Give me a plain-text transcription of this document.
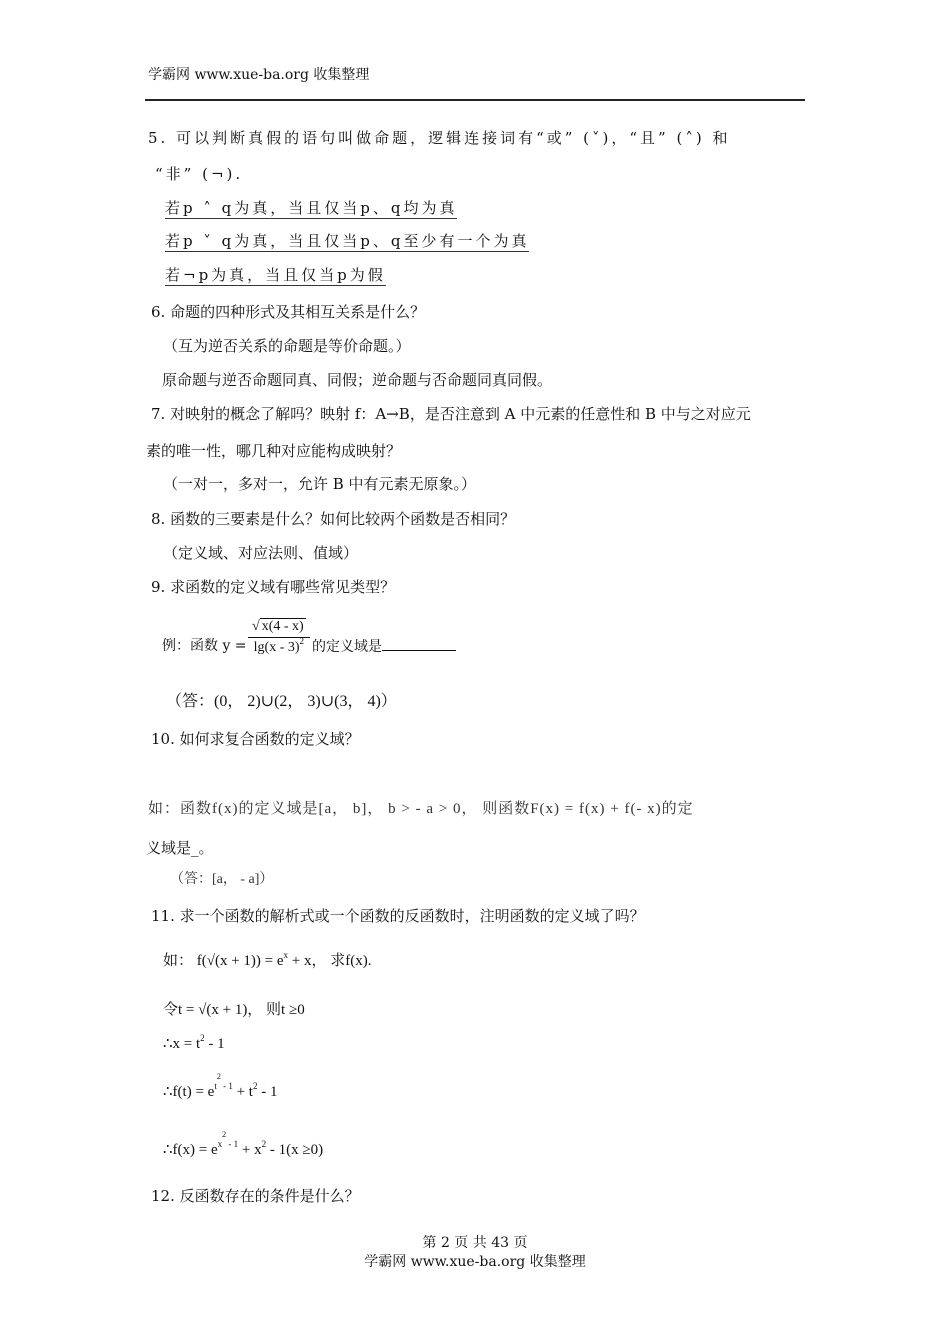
学霸网 www.xue-ba.org 收集整理
5. 可以判断真假的语句叫做命题，逻辑连接词有“或” (˅)，“且” (˄) 和
“非” (¬).
若p ˄ q为真，当且仅当p、q均为真
若p ˅ q为真，当且仅当p、q至少有一个为真
若¬p为真，当且仅当p为假
6. 命题的四种形式及其相互关系是什么？
（互为逆否关系的命题是等价命题。）
原命题与逆否命题同真、同假；逆命题与否命题同真同假。
7. 对映射的概念了解吗？映射 f：A→B，是否注意到 A 中元素的任意性和 B 中与之对应元
素的唯一性，哪几种对应能构成映射？
（一对一，多对一，允许 B 中有元素无原象。）
8. 函数的三要素是什么？如何比较两个函数是否相同？
（定义域、对应法则、值域）
9. 求函数的定义域有哪些常见类型？
例：函数 y =
√ x(4 - x)
lg(x - 3)$^2$ 的定义域是
（答：(0， 2)∪(2， 3)∪(3， 4)）
10. 如何求复合函数的定义域？
如：函数f(x)的定义域是[a， b]， b > - a > 0， 则函数F(x) = f(x) + f(- x)的定
义域是_。
（答：[a， - a]）
11. 求一个函数的解析式或一个函数的反函数时，注明函数的定义域了吗？
如： $f(√(x + 1)) = e^x + x$， 求f(x).
令t = √(x + 1)， 则t ≥0
∴x = $t^2 - 1$
∴f(t) = $e^{t2 - 1} + t^2 - 1$
∴f(x) = $e^{x2 - 1} + x^2 - 1(x \ge 0)$
12. 反函数存在的条件是什么？
第 2 页 共 43 页
学霸网 www.xue-ba.org 收集整理
